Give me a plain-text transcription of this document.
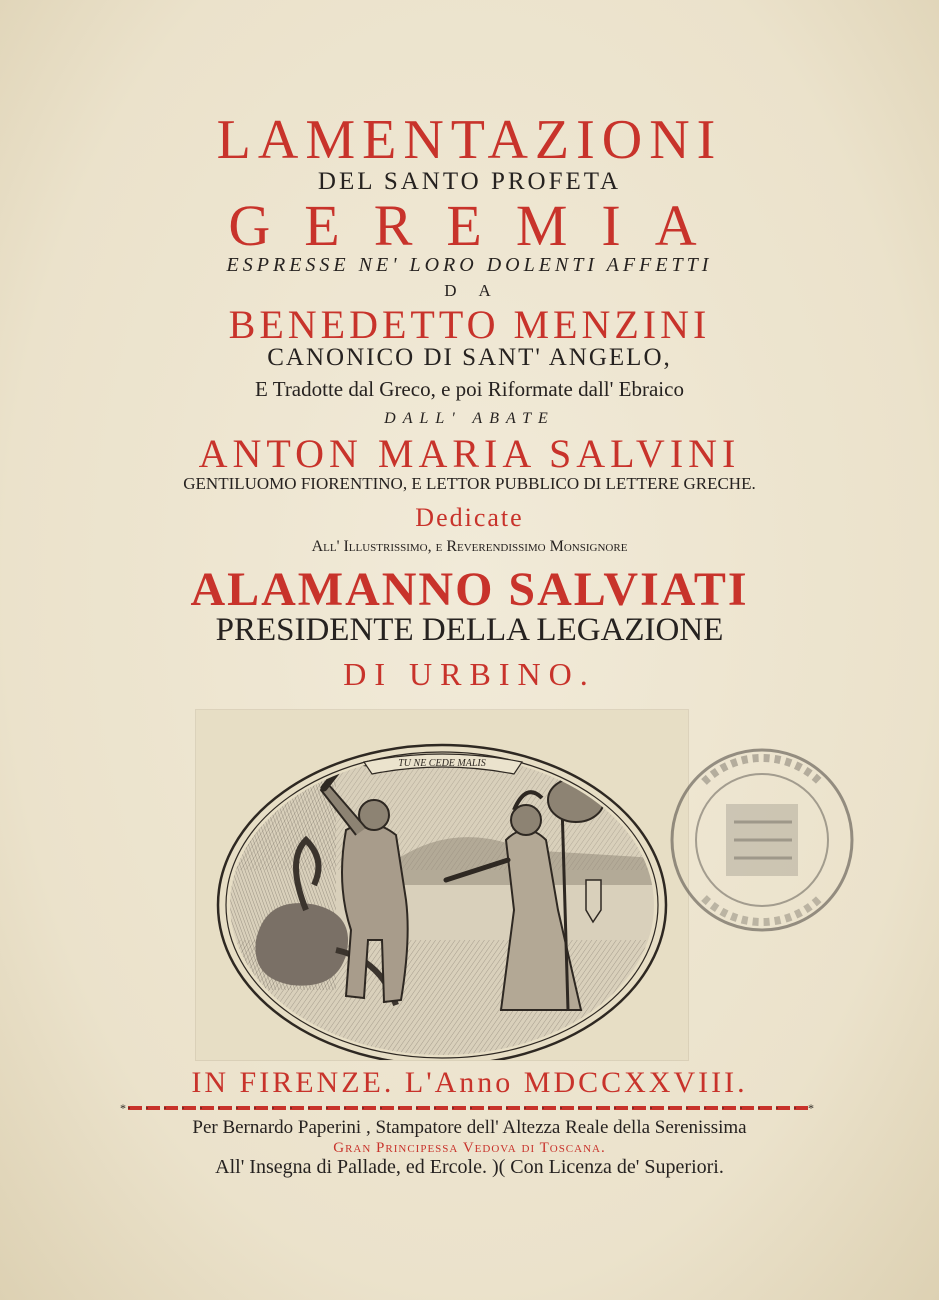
LAMENTAZIONI
DEL SANTO PROFETA
GEREMIA
ESPRESSE NE' LORO DOLENTI AFFETTI
DA
BENEDETTO MENZINI
CANONICO DI SANT' ANGELO,
E Tradotte dal Greco, e poi Riformate dall' Ebraico
DALL' ABATE
ANTON MARIA SALVINI
GENTILUOMO FIORENTINO, E LETTOR PUBBLICO DI LETTERE GRECHE.
Dedicate
All' Illustrissimo, e Reverendissimo Monsignore
ALAMANNO SALVIATI
PRESIDENTE DELLA LEGAZIONE
DI URBINO.
TU NE CEDE MALIS
IN FIRENZE. L'Anno MDCCXXVIII.
*	*
Per Bernardo Paperini , Stampatore dell' Altezza Reale della Serenissima
Gran Principessa Vedova di Toscana.
All' Insegna di Pallade, ed Ercole. )( Con Licenza de' Superiori.
